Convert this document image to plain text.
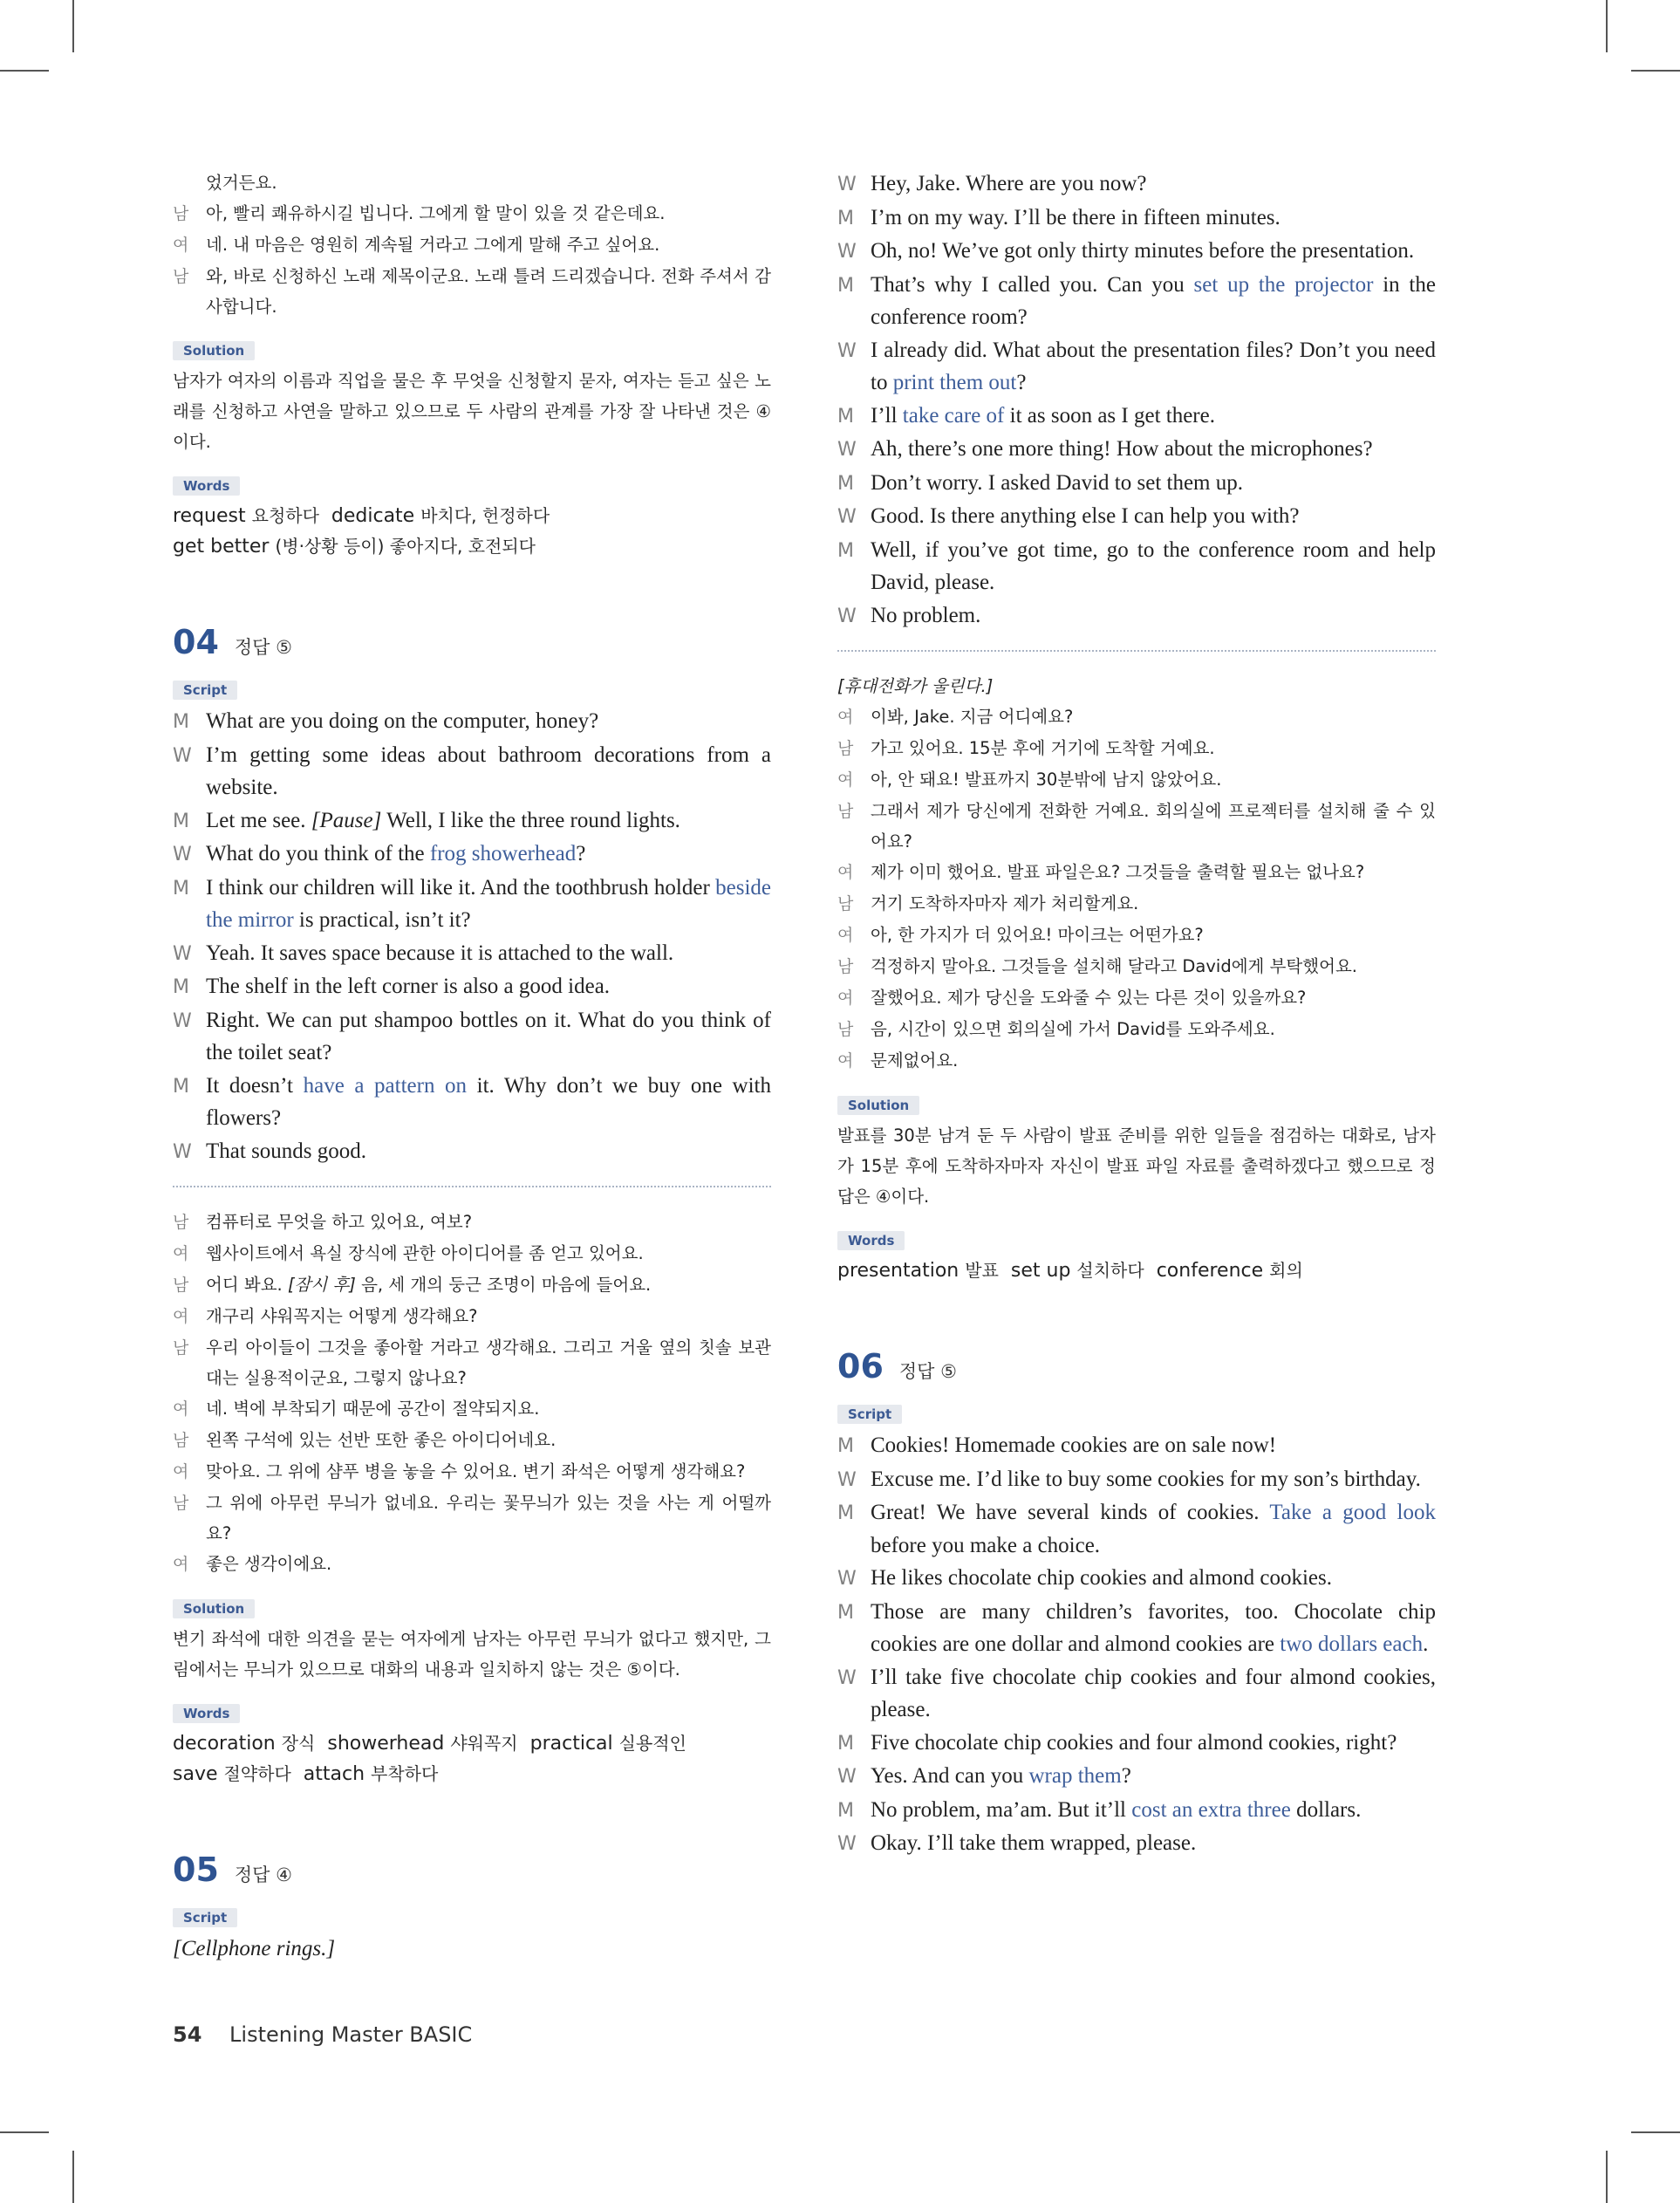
었거든요.
남	아, 빨리 쾌유하시길 빕니다. 그에게 할 말이 있을 것 같은데요.
여	네. 내 마음은 영원히 계속될 거라고 그에게 말해 주고 싶어요.
남	와, 바로 신청하신 노래 제목이군요. 노래 틀려 드리겠습니다. 전화 주셔서 감사합니다.
Solution
남자가 여자의 이름과 직업을 물은 후 무엇을 신청할지 묻자, 여자는 듣고 싶은 노래를 신청하고 사연을 말하고 있으므로 두 사람의 관계를 가장 잘 나타낸 것은 ④이다.
Words
request 요청하다 dedicate 바치다, 헌정하다
get better (병·상황 등이) 좋아지다, 호전되다
04 정답 ⑤
Script
M What are you doing on the computer, honey?
W I’m getting some ideas about bathroom decorations from a website.
M Let me see. [Pause] Well, I like the three round lights.
W What do you think of the frog showerhead?
M I think our children will like it. And the toothbrush holder beside the mirror is practical, isn’t it?
W Yeah. It saves space because it is attached to the wall.
M The shelf in the left corner is also a good idea.
W Right. We can put shampoo bottles on it. What do you think of the toilet seat?
M It doesn’t have a pattern on it. Why don’t we buy one with flowers?
W That sounds good.
남	컴퓨터로 무엇을 하고 있어요, 여보?
여	웹사이트에서 욕실 장식에 관한 아이디어를 좀 얻고 있어요.
남	어디 봐요. [잠시 후] 음, 세 개의 둥근 조명이 마음에 들어요.
여	개구리 샤워꼭지는 어떻게 생각해요?
남	우리 아이들이 그것을 좋아할 거라고 생각해요. 그리고 거울 옆의 칫솔 보관대는 실용적이군요, 그렇지 않나요?
여	네. 벽에 부착되기 때문에 공간이 절약되지요.
남	왼쪽 구석에 있는 선반 또한 좋은 아이디어네요.
여	맞아요. 그 위에 샴푸 병을 놓을 수 있어요. 변기 좌석은 어떻게 생각해요?
남	그 위에 아무런 무늬가 없네요. 우리는 꽃무늬가 있는 것을 사는 게 어떨까요?
여	좋은 생각이에요.
Solution
변기 좌석에 대한 의견을 묻는 여자에게 남자는 아무런 무늬가 없다고 했지만, 그림에서는 무늬가 있으므로 대화의 내용과 일치하지 않는 것은 ⑤이다.
Words
decoration 장식 showerhead 샤워꼭지 practical 실용적인
save 절약하다 attach 부착하다
05 정답 ④
Script
[Cellphone rings.]
W Hey, Jake. Where are you now?
M I’m on my way. I’ll be there in fifteen minutes.
W Oh, no! We’ve got only thirty minutes before the presentation.
M That’s why I called you. Can you set up the projector in the conference room?
W I already did. What about the presentation files? Don’t you need to print them out?
M I’ll take care of it as soon as I get there.
W Ah, there’s one more thing! How about the microphones?
M Don’t worry. I asked David to set them up.
W Good. Is there anything else I can help you with?
M Well, if you’ve got time, go to the conference room and help David, please.
W No problem.
[휴대전화가 울린다.]
여	이봐, Jake. 지금 어디예요?
남	가고 있어요. 15분 후에 거기에 도착할 거예요.
여	아, 안 돼요! 발표까지 30분밖에 남지 않았어요.
남	그래서 제가 당신에게 전화한 거예요. 회의실에 프로젝터를 설치해 줄 수 있어요?
여	제가 이미 했어요. 발표 파일은요? 그것들을 출력할 필요는 없나요?
남	거기 도착하자마자 제가 처리할게요.
여	아, 한 가지가 더 있어요! 마이크는 어떤가요?
남	걱정하지 말아요. 그것들을 설치해 달라고 David에게 부탁했어요.
여	잘했어요. 제가 당신을 도와줄 수 있는 다른 것이 있을까요?
남	음, 시간이 있으면 회의실에 가서 David를 도와주세요.
여	문제없어요.
Solution
발표를 30분 남겨 둔 두 사람이 발표 준비를 위한 일들을 점검하는 대화로, 남자가 15분 후에 도착하자마자 자신이 발표 파일 자료를 출력하겠다고 했으므로 정답은 ④이다.
Words
presentation 발표 set up 설치하다 conference 회의
06 정답 ⑤
Script
M Cookies! Homemade cookies are on sale now!
W Excuse me. I’d like to buy some cookies for my son’s birthday.
M Great! We have several kinds of cookies. Take a good look before you make a choice.
W He likes chocolate chip cookies and almond cookies.
M Those are many children’s favorites, too. Chocolate chip cookies are one dollar and almond cookies are two dollars each.
W I’ll take five chocolate chip cookies and four almond cookies, please.
M Five chocolate chip cookies and four almond cookies, right?
W Yes. And can you wrap them?
M No problem, ma’am. But it’ll cost an extra three dollars.
W Okay. I’ll take them wrapped, please.
54 Listening Master BASIC
